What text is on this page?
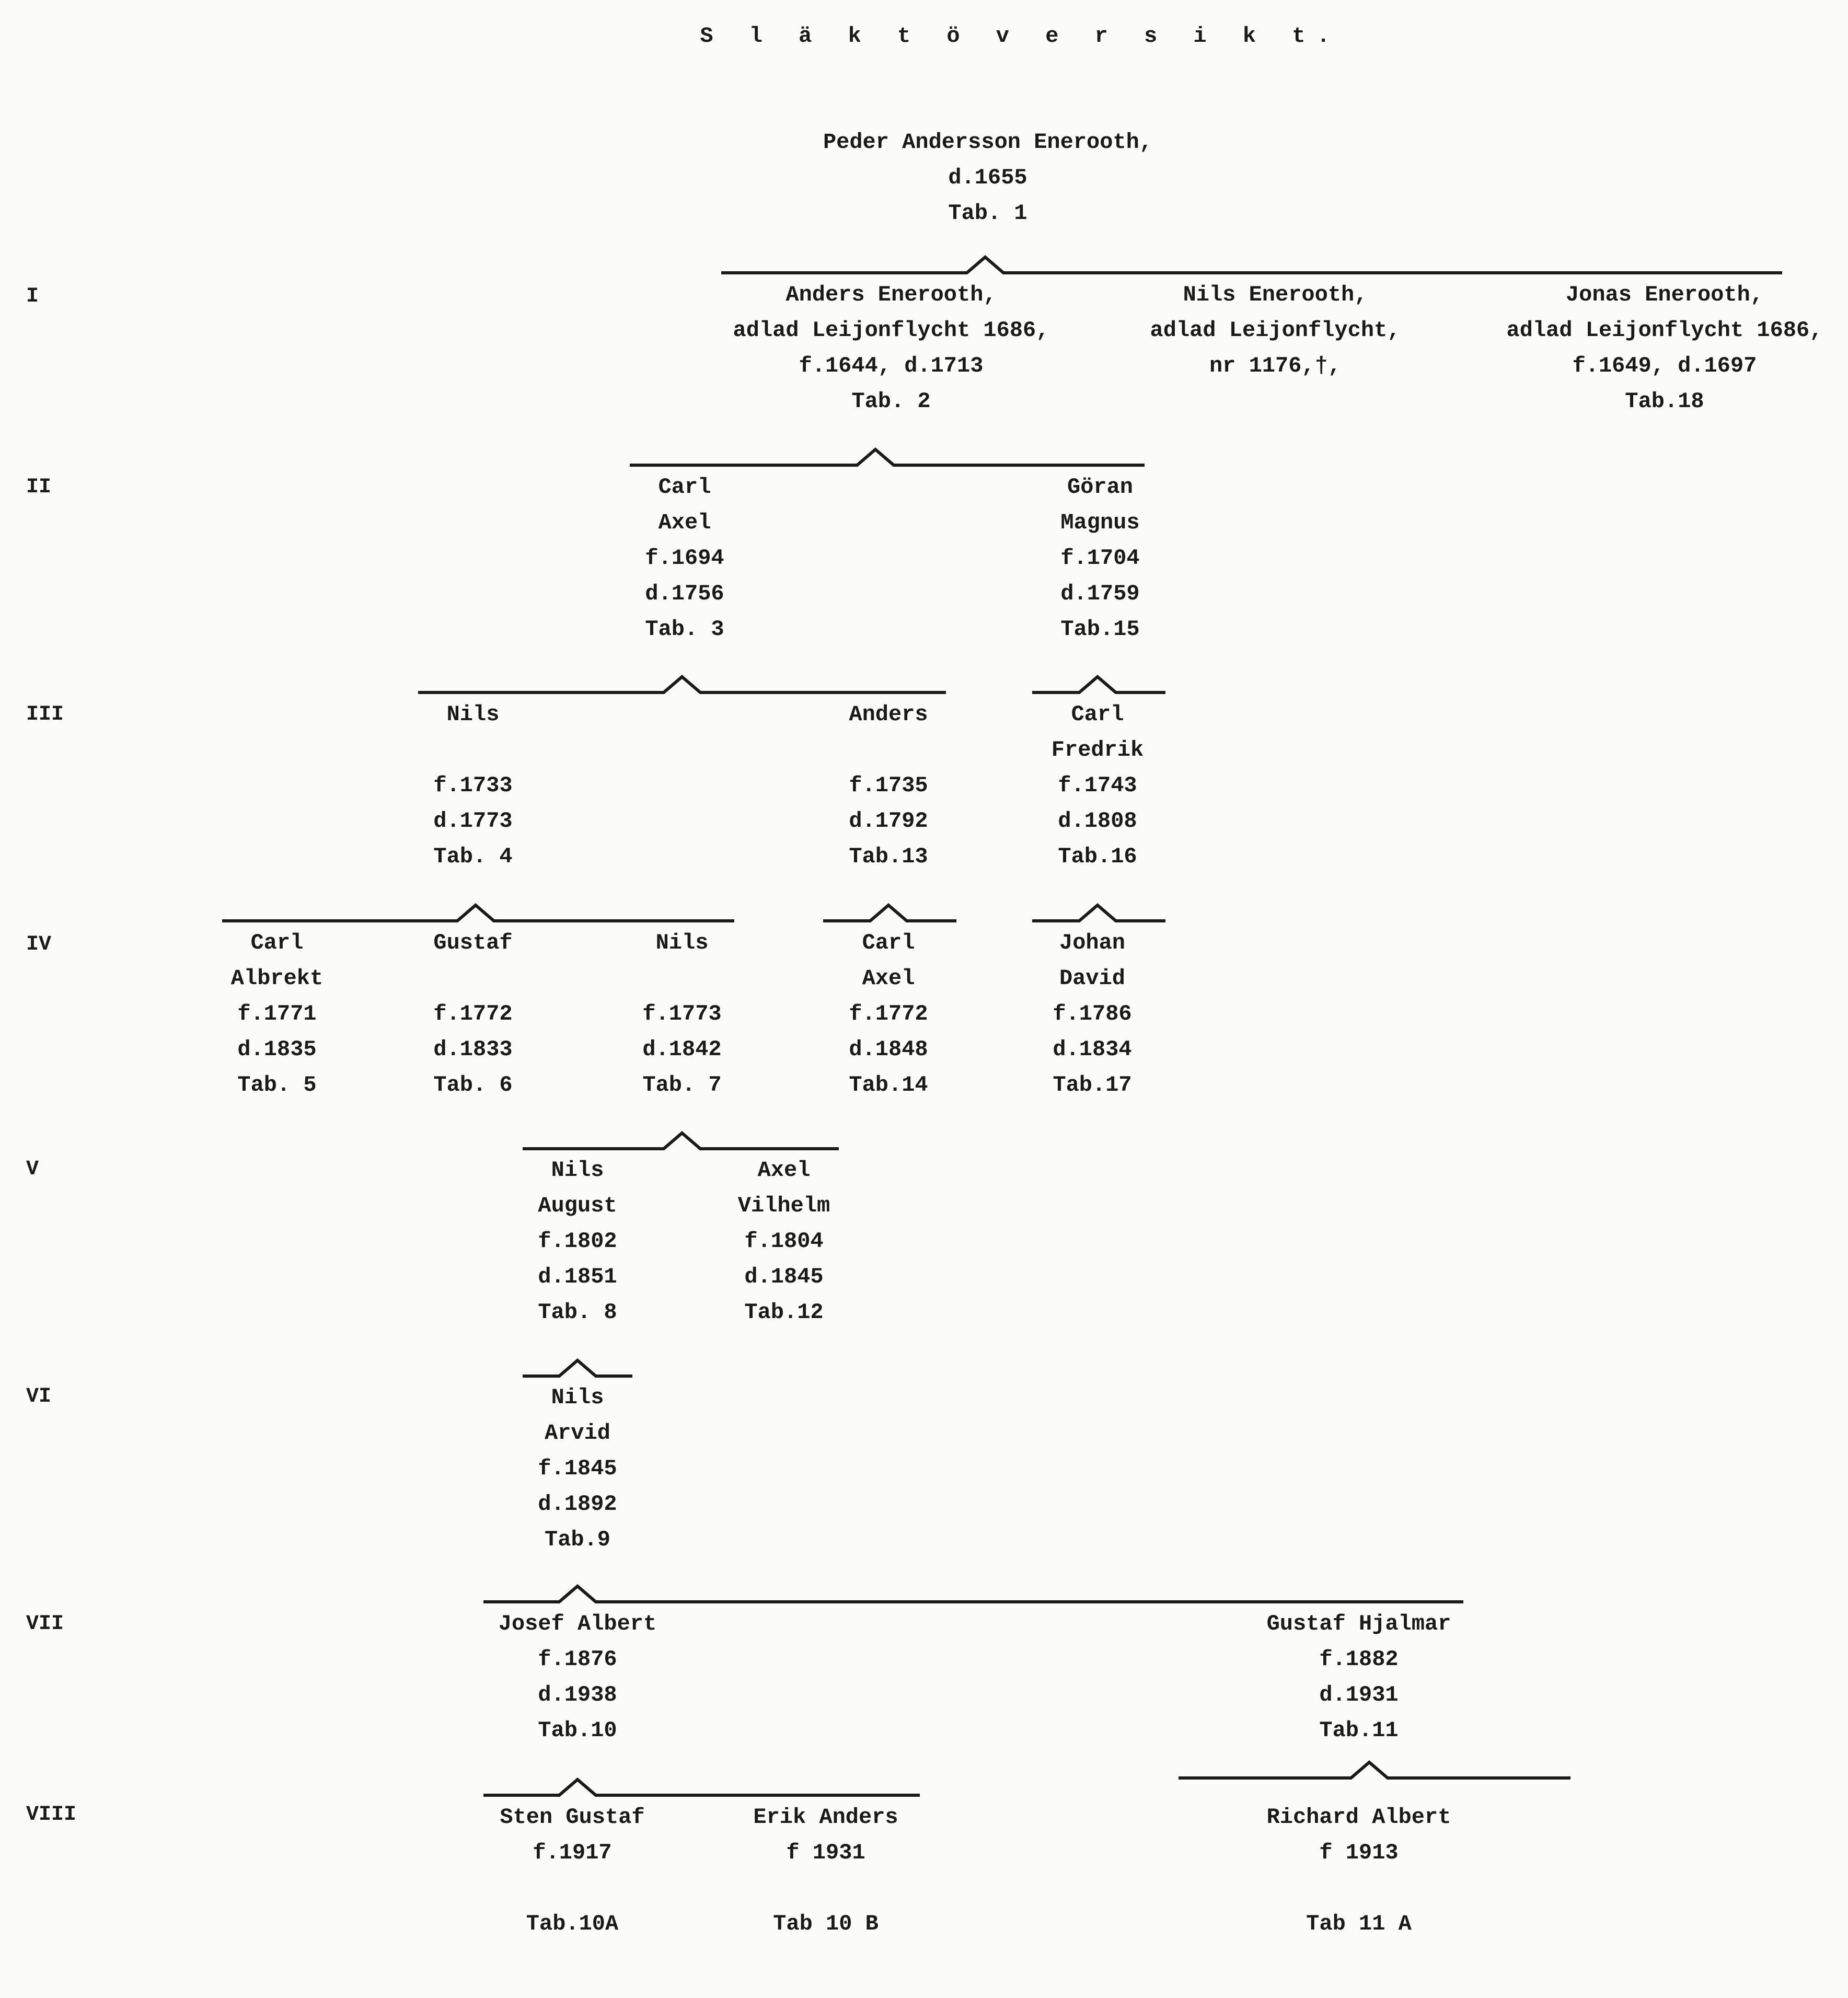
S l ä k t ö v e r s i k t.
I
II
III
IV
V
VI
VII
VIII
Peder Andersson Enerooth,
d.1655
Tab. 1
Anders Enerooth,
adlad Leijonflycht 1686,
f.1644, d.1713
Tab. 2
Nils Enerooth,
adlad Leijonflycht,
nr 1176,†,
Jonas Enerooth,
adlad Leijonflycht 1686,
f.1649, d.1697
Tab.18
Carl
Axel
f.1694
d.1756
Tab. 3
Göran
Magnus
f.1704
d.1759
Tab.15
Nils
f.1733
d.1773
Tab. 4
Anders
f.1735
d.1792
Tab.13
Carl
Fredrik
f.1743
d.1808
Tab.16
Carl
Albrekt
f.1771
d.1835
Tab. 5
Gustaf
f.1772
d.1833
Tab. 6
Nils
f.1773
d.1842
Tab. 7
Carl
Axel
f.1772
d.1848
Tab.14
Johan
David
f.1786
d.1834
Tab.17
Nils
August
f.1802
d.1851
Tab. 8
Axel
Vilhelm
f.1804
d.1845
Tab.12
Nils
Arvid
f.1845
d.1892
Tab.9
Josef Albert
f.1876
d.1938
Tab.10
Gustaf Hjalmar
f.1882
d.1931
Tab.11
Sten Gustaf
f.1917
Tab.10A
Erik Anders
f 1931
Tab 10 B
Richard Albert
f 1913
Tab 11 A
